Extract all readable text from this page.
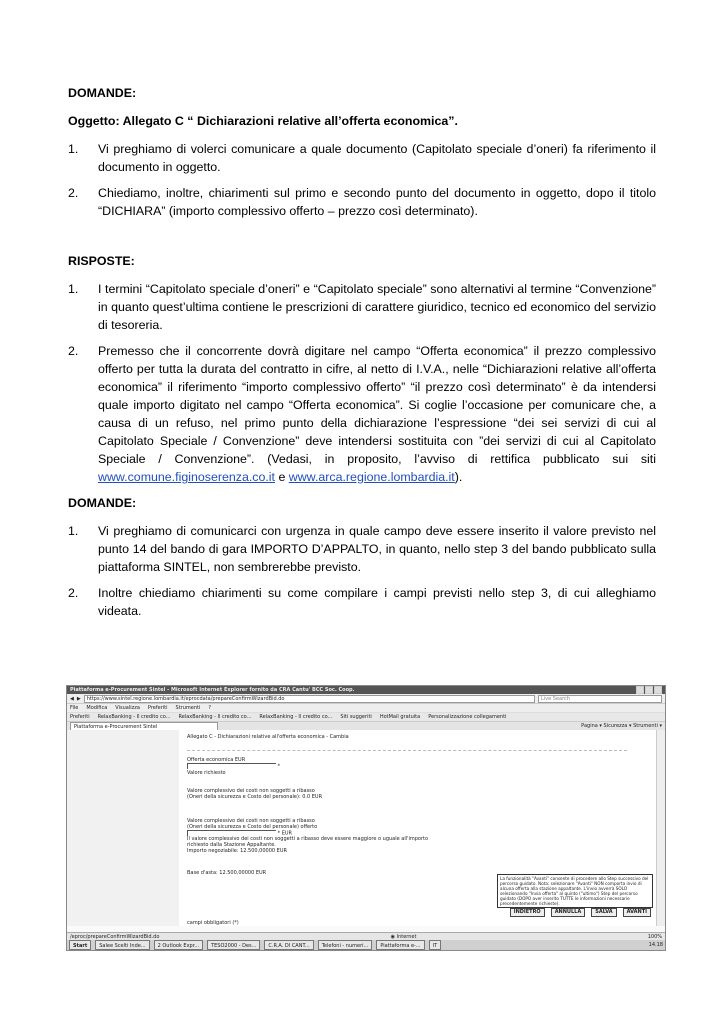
DOMANDE:
Oggetto: Allegato C “ Dichiarazioni relative all’offerta economica”.
1.	Vi preghiamo di volerci comunicare a quale documento (Capitolato speciale d’oneri) fa riferimento il documento in oggetto.
2.	Chiediamo, inoltre, chiarimenti sul primo e secondo punto del documento in oggetto, dopo il titolo “DICHIARA” (importo complessivo offerto – prezzo così determinato).
RISPOSTE:
1.	I termini “Capitolato speciale d’oneri” e “Capitolato speciale” sono alternativi al termine “Convenzione” in quanto quest’ultima contiene le prescrizioni di carattere giuridico, tecnico ed economico del servizio di tesoreria.
2.	Premesso che il concorrente dovrà digitare nel campo “Offerta economica” il prezzo complessivo offerto per tutta la durata del contratto in cifre, al netto di I.V.A., nelle “Dichiarazioni relative all’offerta economica” il riferimento “importo complessivo offerto” “il prezzo così determinato” è da intendersi quale importo digitato nel campo “Offerta economica”. Si coglie l’occasione per comunicare che, a causa di un refuso, nel primo punto della dichiarazione l’espressione “dei sei servizi di cui al Capitolato Speciale / Convenzione” deve intendersi sostituita con ”dei servizi di cui al Capitolato Speciale / Convenzione”. (Vedasi, in proposito, l’avviso di rettifica pubblicato sui siti www.comune.figinoserenza.co.it e www.arca.regione.lombardia.it).
DOMANDE:
1.	Vi preghiamo di comunicarci con urgenza in quale campo deve essere inserito il valore previsto nel punto 14 del bando di gara IMPORTO D’APPALTO, in quanto, nello step 3 del bando pubblicato sulla piattaforma SINTEL, non sembrerebbe previsto.
2.	Inoltre chiediamo chiarimenti su come compilare i campi previsti nello step 3, di cui alleghiamo videata.
Piattaforma e-Procurement Sintel - Microsoft Internet Explorer fornito da CRA Cantu' BCC Soc. Coop.
◀ ▶	https://www.sintel.regione.lombardia.it/eprocdata/prepareConfirmWizardBid.do	Live Search
File Modifica Visualizza Preferiti Strumenti ?
Preferiti RelaxBanking - Il credito co... RelaxBanking - Il credito co... RelaxBanking - Il credito co... Siti suggeriti HotMail gratuita Personalizzazione collegamenti
Piattaforma e-Procurement Sintel	Pagina ▾ Sicurezza ▾ Strumenti ▾
Allegato C - Dichiarazioni relative all'offerta economica - Cambia
Offerta economica EUR
*
Valore richiesto
Valore complessivo dei costi non soggetti a ribasso
(Oneri della sicurezza e Costo del personale): 0.0 EUR
Valore complessivo dei costi non soggetti a ribasso
(Oneri della sicurezza e Costo del personale) offerto
* EUR
Il valore complessivo dei costi non soggetti a ribasso deve essere maggiore o uguale all'importo richiesto dalla Stazione Appaltante.
Importo negoziabile: 12.500,00000 EUR
Base d'asta: 12.500,00000 EUR
campi obbligatori (*)
La funzionalità "Avanti" consente di procedere allo Step successivo del percorso guidato. Nota: selezionare "Avanti" NON comporta invio di alcuna offerta alla stazione appaltante. L'invio avverrà SOLO selezionando "Invia offerta" al quinto ("ultimo") Step del percorso guidato (DOPO aver inserito TUTTE le informazioni necessarie precedentemente richieste).
INDIETRO	ANNULLA	SALVA	AVANTI
/eproc/prepareConfirmWizardBid.do	◉ Internet	100%
Start	Salee Scelti Inde...	2 Outlook Expr...	TESO2000 - Des...	C.R.A. DI CANT...	Telefoni - numeri...	Piattaforma e-...	IT	14.18
